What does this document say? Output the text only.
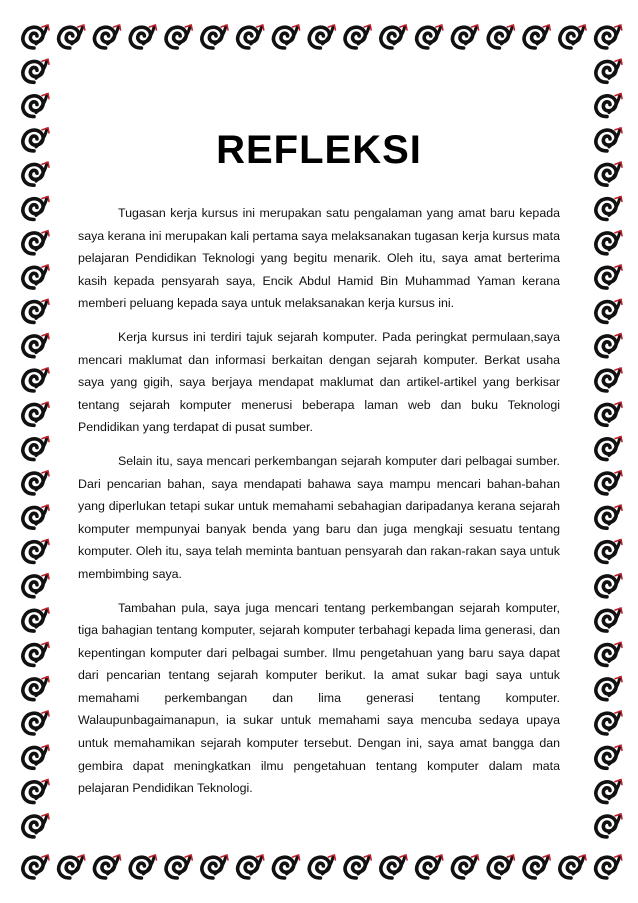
REFLEKSI

Tugasan kerja kursus ini merupakan satu pengalaman yang amat baru kepada saya kerana ini merupakan kali pertama saya melaksanakan tugasan kerja kursus mata pelajaran Pendidikan Teknologi yang begitu menarik. Oleh itu, saya amat berterima kasih kepada pensyarah saya, Encik Abdul Hamid Bin Muhammad Yaman kerana memberi peluang kepada saya untuk melaksanakan kerja kursus ini.

Kerja kursus ini terdiri tajuk sejarah komputer. Pada peringkat permulaan,saya mencari maklumat dan informasi berkaitan dengan sejarah komputer. Berkat usaha saya yang gigih, saya berjaya mendapat maklumat dan artikel-artikel yang berkisar tentang sejarah komputer menerusi beberapa laman web dan buku Teknologi Pendidikan yang terdapat di pusat sumber.

Selain itu, saya mencari perkembangan sejarah komputer dari pelbagai sumber. Dari pencarian bahan, saya mendapati bahawa saya mampu mencari bahan-bahan yang diperlukan tetapi sukar untuk memahami sebahagian daripadanya kerana sejarah komputer mempunyai banyak benda yang baru dan juga mengkaji sesuatu tentang komputer. Oleh itu, saya telah meminta bantuan pensyarah dan rakan-rakan saya untuk membimbing saya.

Tambahan pula, saya juga mencari tentang perkembangan sejarah komputer, tiga bahagian tentang komputer, sejarah komputer terbahagi kepada lima generasi, dan kepentingan komputer dari pelbagai sumber. Ilmu pengetahuan yang baru saya dapat dari pencarian tentang sejarah komputer berikut. Ia amat sukar bagi saya untuk memahami perkembangan dan lima generasi tentang komputer. Walaupunbagaimanapun, ia sukar untuk memahami saya mencuba sedaya upaya untuk memahamikan sejarah komputer tersebut. Dengan ini, saya amat bangga dan gembira dapat meningkatkan ilmu pengetahuan tentang komputer dalam mata pelajaran Pendidikan Teknologi.
